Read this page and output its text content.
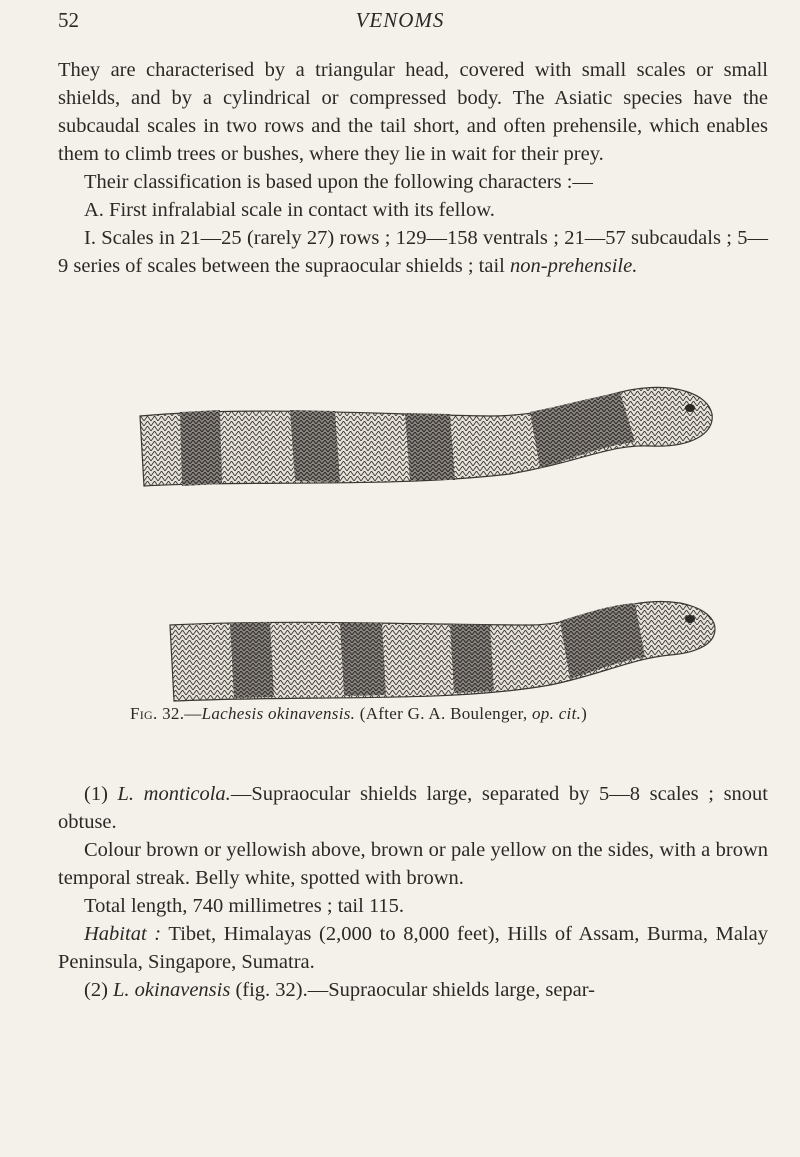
52	VENOMS

They are characterised by a triangular head, covered with small scales or small shields, and by a cylindrical or compressed body. The Asiatic species have the subcaudal scales in two rows and the tail short, and often prehensile, which enables them to climb trees or bushes, where they lie in wait for their prey.

Their classification is based upon the following characters :—

A. First infralabial scale in contact with its fellow.

I. Scales in 21—25 (rarely 27) rows ; 129—158 ventrals ; 21—57 subcaudals ; 5—9 series of scales between the supraocular shields ; tail non-prehensile.

Fig. 32.—Lachesis okinavensis. (After G. A. Boulenger, op. cit.)

(1) L. monticola.—Supraocular shields large, separated by 5—8 scales ; snout obtuse.

Colour brown or yellowish above, brown or pale yellow on the sides, with a brown temporal streak. Belly white, spotted with brown.

Total length, 740 millimetres ; tail 115.

Habitat : Tibet, Himalayas (2,000 to 8,000 feet), Hills of Assam, Burma, Malay Peninsula, Singapore, Sumatra.

(2) L. okinavensis (fig. 32).—Supraocular shields large, separ-
